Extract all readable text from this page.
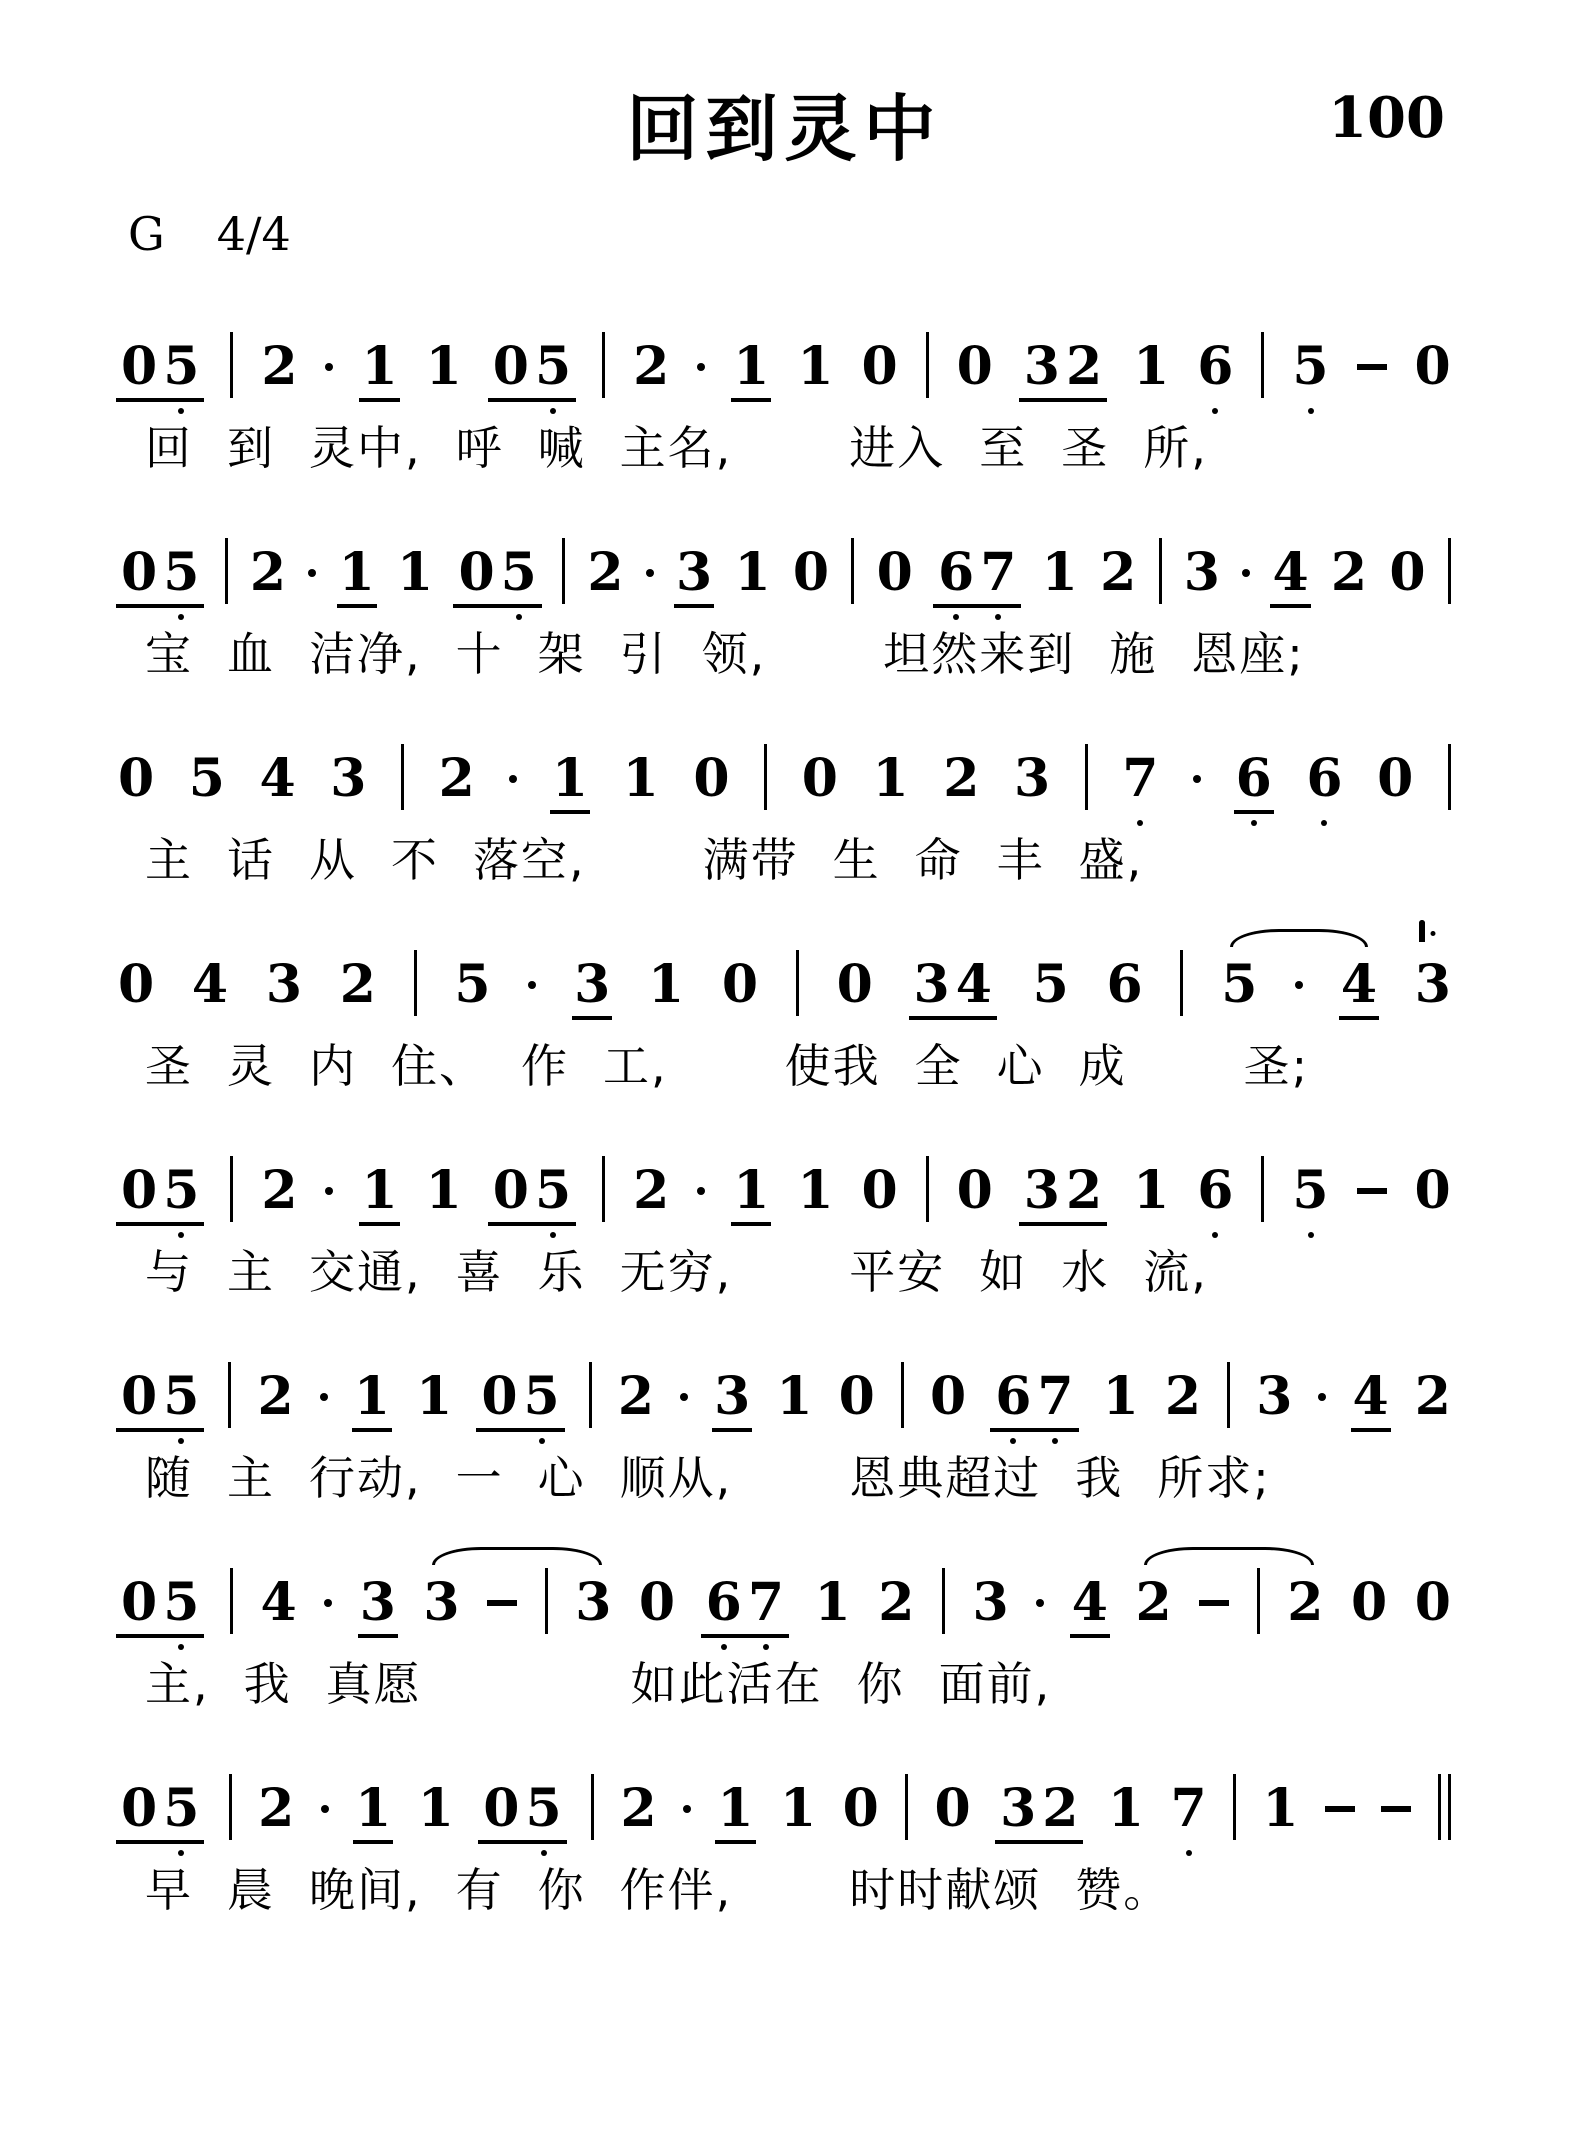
回到灵中	100
G 4/4
0 5 2 1 1 0 5 2 1 1 0 0 3 2 1 6 5 0
回 到 灵中, 呼 喊 主名,	进入 至 圣 所,
0 5 2 1 1 0 5 2 3 1 0 0 6 7 1 2 3 4 2 0
宝 血 洁净, 十 架 引 领,	坦然来到 施 恩座;
0 5 4 3 2 1 1 0 0 1 2 3 7 6 6 0
主 话 从 不 落空,	满带 生 命 丰 盛,
0 4 3 2 5 3 1 0 0 3 4 5 6 5 4 3
圣 灵 内 住、 作 工,	使我 全 心 成	圣;
0 5 2 1 1 0 5 2 1 1 0 0 3 2 1 6 5 0
与 主 交通, 喜 乐 无穷,	平安 如 水 流,
0 5 2 1 1 0 5 2 3 1 0 0 6 7 1 2 3 4 2
随 主 行动, 一 心 顺从,	恩典超过 我 所求;
0 5 4 3 3 3 0 6 7 1 2 3 4 2 2 0 0
主, 我 真愿	如此活在 你 面前,
0 5 2 1 1 0 5 2 1 1 0 0 3 2 1 7 1
早 晨 晚间, 有 你 作伴,	时时献颂 赞。
